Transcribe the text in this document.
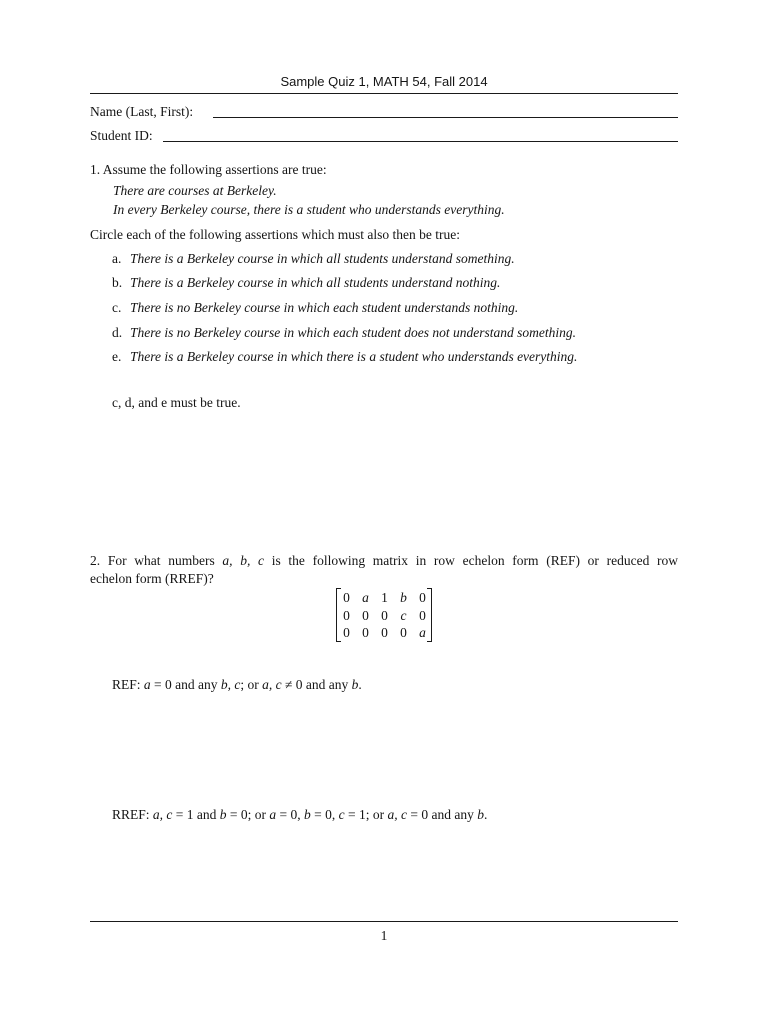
Sample Quiz 1, MATH 54, Fall 2014
Name (Last, First):
Student ID:
1. Assume the following assertions are true:
There are courses at Berkeley.
In every Berkeley course, there is a student who understands everything.
Circle each of the following assertions which must also then be true:
a. There is a Berkeley course in which all students understand something.
b. There is a Berkeley course in which all students understand nothing.
c. There is no Berkeley course in which each student understands nothing.
d. There is no Berkeley course in which each student does not understand something.
e. There is a Berkeley course in which there is a student who understands everything.
c, d, and e must be true.
2. For what numbers a, b, c is the following matrix in row echelon form (REF) or reduced row
echelon form (RREF)?
0 a 1 b 0
0 0 0 c 0
0 0 0 0 a
REF: a = 0 and any b, c; or a, c ≠ 0 and any b.
RREF: a, c = 1 and b = 0; or a = 0, b = 0, c = 1; or a, c = 0 and any b.
1
